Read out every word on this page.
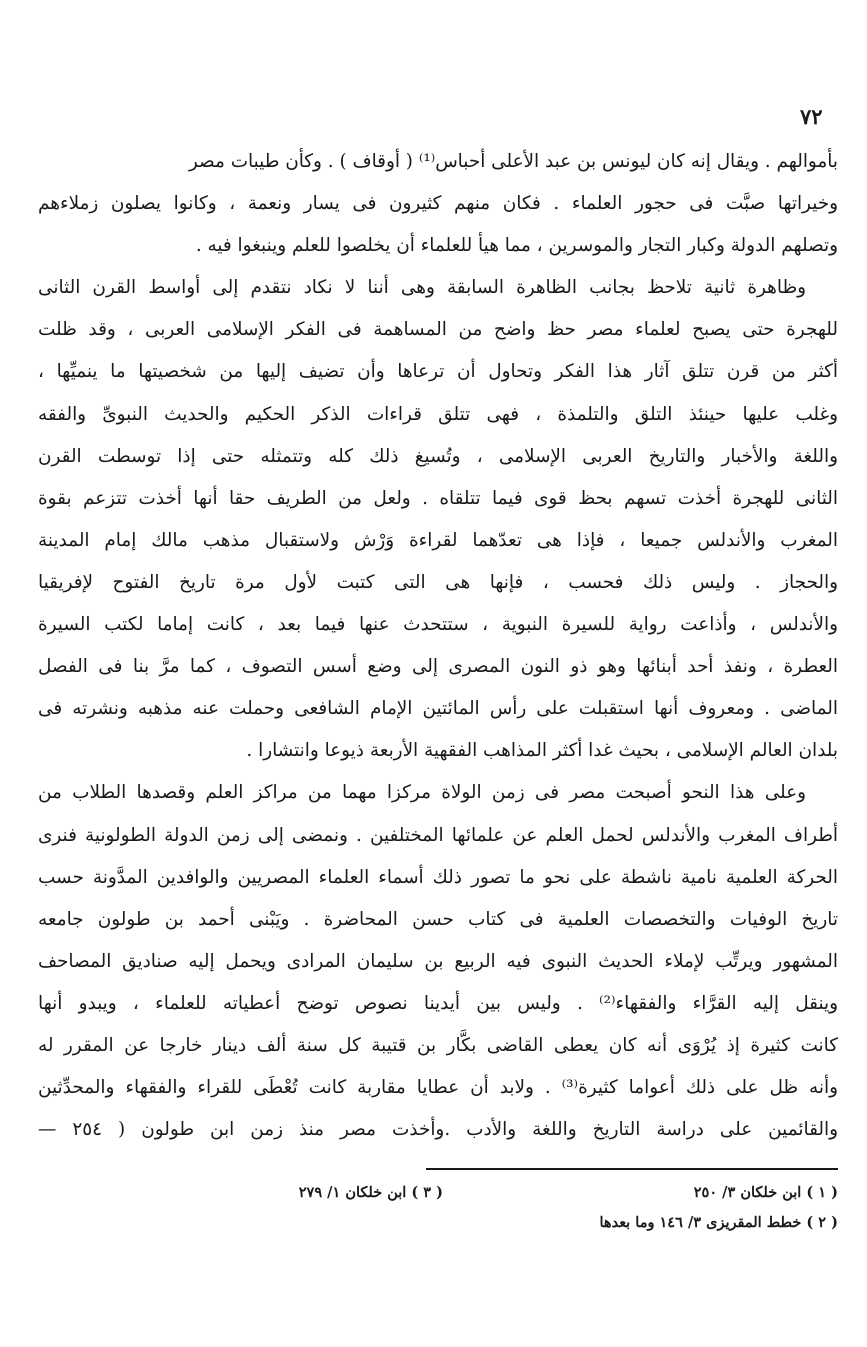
٧٢
بأموالهم . ويقال إنه كان ليونس بن عبد الأعلى أحباس⁽¹⁾ ( أوقاف ) . وكأن طيبات مصر
وخيراتها صبَّت فى حجور العلماء . فكان منهم كثيرون فى يسار ونعمة ، وكانوا يصلون زملاءهم
وتصلهم الدولة وكبار التجار والموسرين ، مما هيأ للعلماء أن يخلصوا للعلم وينبغوا فيه .
وظاهرة ثانية تلاحظ بجانب الظاهرة السابقة وهى أننا لا نكاد نتقدم إلى أواسط القرن الثانى
للهجرة حتى يصبح لعلماء مصر حظ واضح من المساهمة فى الفكر الإسلامى العربى ، وقد ظلت
أكثر من قرن تتلق آثار هذا الفكر وتحاول أن ترعاها وأن تضيف إليها من شخصيتها ما ينميِّها ،
وغلب عليها حينئذ التلق والتلمذة ، فهى تتلق قراءات الذكر الحكيم والحديث النبوىِّ والفقه
واللغة والأخبار والتاريخ العربى الإسلامى ، وتُسيغ ذلك كله وتتمثله حتى إذا توسطت القرن
الثانى للهجرة أخذت تسهم بحظ قوى فيما تتلقاه . ولعل من الطريف حقا أنها أخذت تتزعم بقوة
المغرب والأندلس جميعا ، فإذا هى تعدّهما لقراءة وَرْش ولاستقبال مذهب مالك إمام المدينة
والحجاز . وليس ذلك فحسب ، فإنها هى التى كتبت لأول مرة تاريخ الفتوح لإفريقيا
والأندلس ، وأذاعت رواية للسيرة النبوية ، ستتحدث عنها فيما بعد ، كانت إماما لكتب السيرة
العطرة ، ونفذ أحد أبنائها وهو ذو النون المصرى إلى وضع أسس التصوف ، كما مرَّ بنا فى الفصل
الماضى . ومعروف أنها استقبلت على رأس المائتين الإمام الشافعى وحملت عنه مذهبه ونشرته فى
بلدان العالم الإسلامى ، بحيث غدا أكثر المذاهب الفقهية الأربعة ذيوعا وانتشارا .
وعلى هذا النحو أصبحت مصر فى زمن الولاة مركزا مهما من مراكز العلم وقصدها الطلاب من
أطراف المغرب والأندلس لحمل العلم عن علمائها المختلفين . ونمضى إلى زمن الدولة الطولونية فنرى
الحركة العلمية نامية ناشطة على نحو ما تصور ذلك أسماء العلماء المصريين والوافدين المدَّونة حسب
تاريخ الوفيات والتخصصات العلمية فى كتاب حسن المحاضرة . ويَبْنى أحمد بن طولون جامعه
المشهور ويرتِّب لإملاء الحديث النبوى فيه الربيع بن سليمان المرادى ويحمل إليه صناديق المصاحف
وينقل إليه القرَّاء والفقهاء⁽²⁾ . وليس بين أيدينا نصوص توضح أعطياته للعلماء ، ويبدو أنها
كانت كثيرة إذ يُرْوَى أنه كان يعطى القاضى بكَّار بن قتيبة كل سنة ألف دينار خارجا عن المقرر له
وأنه ظل على ذلك أعواما كثيرة⁽³⁾ . ولابد أن عطايا مقاربة كانت تُعْطَى للقراء والفقهاء والمحدِّثين
والقائمين على دراسة التاريخ واللغة والأدب .وأخذت مصر منذ زمن ابن طولون ( ٢٥٤ —
( ١ ) ابن خلكان ٣/ ٢٥٠
( ٢ ) خطط المقريزى ٣/ ١٤٦ وما بعدها
( ٣ ) ابن خلكان ١/ ٢٧٩
